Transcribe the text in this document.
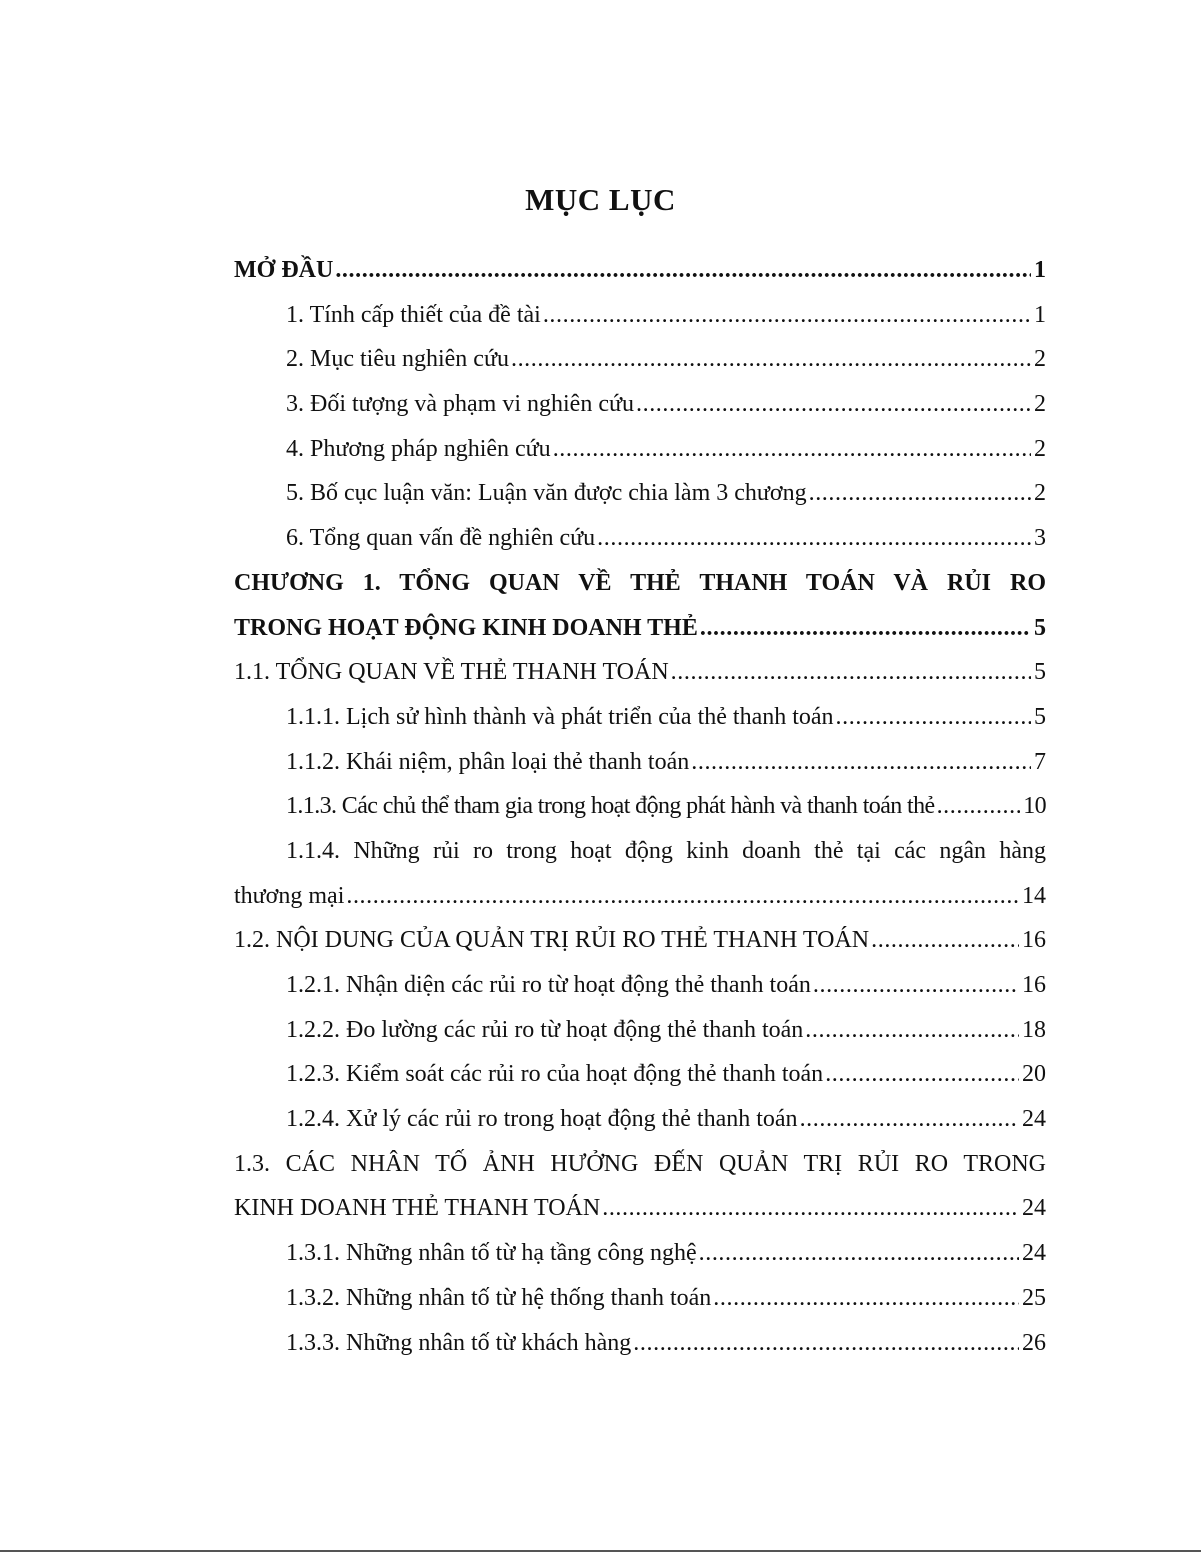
MỤC LỤC
MỞ ĐẦU .....	1
1. Tính cấp thiết của đề tài .....	1
2. Mục tiêu nghiên cứu .....	2
3. Đối tượng và phạm vi nghiên cứu .....	2
4. Phương pháp nghiên cứu .....	2
5. Bố cục luận văn: Luận văn được chia làm 3 chương .....	2
6. Tổng quan vấn đề nghiên cứu .....	3
CHƯƠNG 1. TỔNG QUAN VỀ THẺ THANH TOÁN VÀ RỦI RO
TRONG HOẠT ĐỘNG KINH DOANH THẺ .....	5
1.1. TỔNG QUAN VỀ THẺ THANH TOÁN .....	5
1.1.1. Lịch sử hình thành và phát triển của thẻ thanh toán .....	5
1.1.2. Khái niệm, phân loại thẻ thanh toán .....	7
1.1.3. Các chủ thể tham gia trong hoạt động phát hành và thanh toán thẻ .....	10
1.1.4. Những rủi ro trong hoạt động kinh doanh thẻ tại các ngân hàng
thương mại .....	14
1.2. NỘI DUNG CỦA QUẢN TRỊ RỦI RO THẺ THANH TOÁN .....	16
1.2.1. Nhận diện các rủi ro từ hoạt động thẻ thanh toán .....	16
1.2.2. Đo lường các rủi ro từ hoạt động thẻ thanh toán .....	18
1.2.3. Kiểm soát các rủi ro của hoạt động thẻ thanh toán .....	20
1.2.4. Xử lý các rủi ro trong hoạt động thẻ thanh toán .....	24
1.3. CÁC NHÂN TỐ ẢNH HƯỞNG ĐẾN QUẢN TRỊ RỦI RO TRONG
KINH DOANH THẺ THANH TOÁN .....	24
1.3.1. Những nhân tố từ hạ tầng công nghệ .....	24
1.3.2. Những nhân tố từ hệ thống thanh toán .....	25
1.3.3. Những nhân tố từ khách hàng .....	26
